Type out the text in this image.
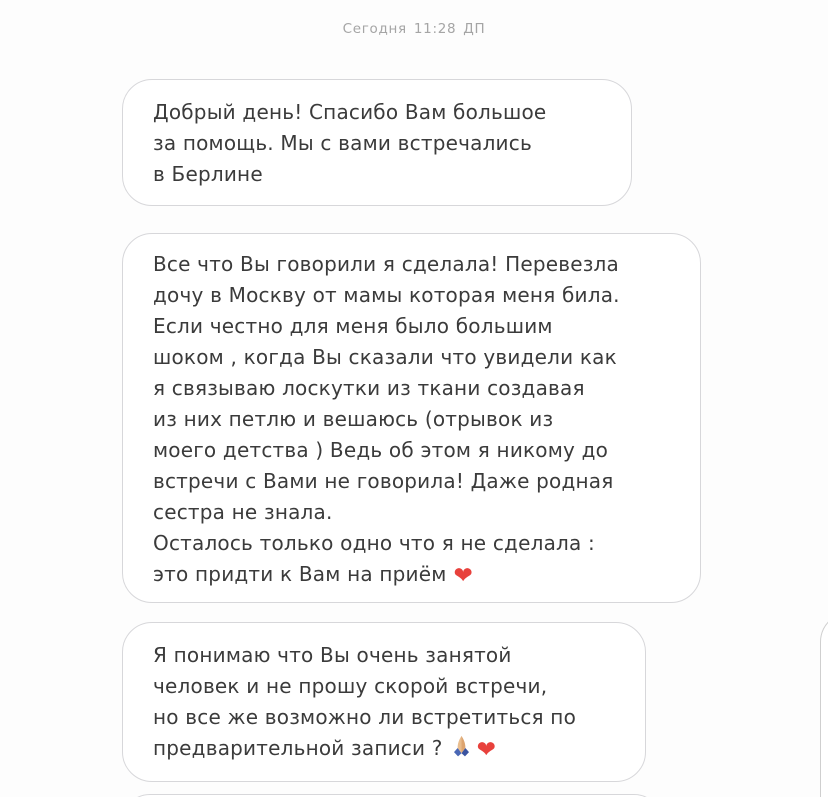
Сегодня 11:28 ДП
Добрый день! Спасибо Вам большое
за помощь. Мы с вами встречались
в Берлине
Все что Вы говорили я сделала! Перевезла
дочу в Москву от мамы которая меня била.
Если честно для меня было большим
шоком , когда Вы сказали что увидели как
я связываю лоскутки из ткани создавая
из них петлю и вешаюсь (отрывок из
моего детства ) Ведь об этом я никому до
встречи с Вами не говорила! Даже родная
сестра не знала.
Осталось только одно что я не сделала :
это придти к Вам на приём ❤
Я понимаю что Вы очень занятой
человек и не прошу скорой встречи,
но все же возможно ли встретиться по
предварительной записи ? ❤
